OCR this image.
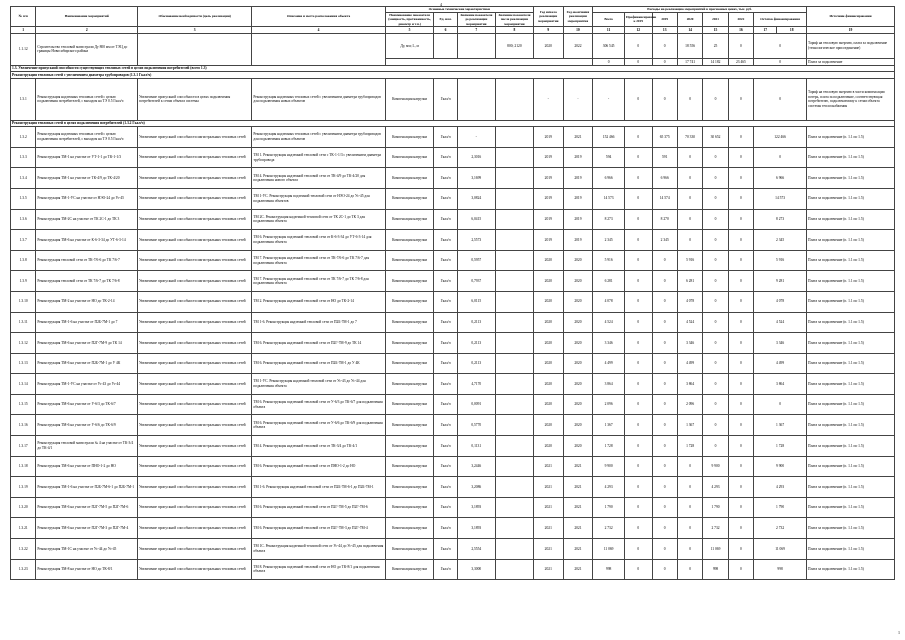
4
№ п/п	Наименование мероприятий	Обоснование необходимости (цель реализации)	Описание и место расположения объекта	Основные технические характеристики				Год начала реализации мероприятия	Год окончания реализации мероприятия	Расходы на реализацию мероприятий в прогнозных ценах, тыс. руб.								Источник финансирования
				Наименование показателя (мощность, протяженность, диаметр и т.п.)	Ед. изм.	Значение показателя до реализации мероприятия	Значение показателя после реализации мероприятия			Всего	Профинансировано к 2019	2019	2020	2021	2022	Остаток финансирования		
1	2	3	4	5	6	7	8	9	10	11	12	13	14	15	16	17	18	19
1.1.12	Строительство тепловой магистрали Ду 800 мм от ТЭЦ до границы Новосибирского района			Ду, мм; L, м			800; 2120	2020	2022	306 545	0	0	18 556	25	0	0		Тариф на тепловую энергию, плата за подключение (технологическое присоединение)
										0	0	0	17 741	14 182	23 465	0		Плата за подключение
1.3. Увеличение пропускной способности существующих тепловых сетей в целях подключения потребителей (всего 1.3)																		
Реконструкция тепловых сетей с увеличением диаметра трубопроводов (1.3.1 Гкал/ч)																		
1.3.1	Реконструкция надземных тепловых сетей с целью подключения потребителей, с выходом на ТЭ 0.5 Гкал/ч	Увеличение пропускной способности в целях подключения потребителей к сетям объекта системы	Реконструкция надземных тепловых сетей с увеличением диаметра трубопроводов для подключения новых объектов	Компенсация нагрузки	Гкал/ч			-	-	-	0	0	0	0	0	0		Тариф на тепловую энергию в части компенсации потерь, плата за подключение, соответствующая потребителю, подключаемому к сетям объекта системы теплоснабжения
Реконструкция тепловых сетей в целях подключения потребителей (1.3.2 Гкал/ч)																		
1.3.2	Реконструкция надземных тепловых сетей с целью подключения потребителей, с выходом на ТЭ 0.5 Гкал/ч	Увеличение пропускной способности магистральных тепловых сетей	Реконструкция надземных тепловых сетей с увеличением диаметра трубопроводов для подключения новых объектов	Компенсация нагрузки	Гкал/ч	-		2019	2021	152 466	0	65 375	70 330	30 652	0	122 466		Плата за подключение (п. 1.1 по 1.5)
1.3.3	Реконструкция ТМ-1 на участке от УТ-1-1 до ТК-1-1/3	Увеличение пропускной способности магистральных тепловых сетей	ТМ 1. Реконструкция надземной тепловой сети с ТК-1-1/3 с увеличением диаметра трубопровода	Компенсация нагрузки	Гкал/ч	2,3016		2019	2019	594	0	591	0	0	0	0		Плата за подключение (п. 1.1 по 1.5)
1.3.4	Реконструкция ТМ-1 на участке от ТК-4/9 до ТК-4/20	Увеличение пропускной способности магистральных тепловых сетей	ТМ 4. Реконструкция надземной тепловой сети от ТК-4/9 до ТК-4/20 для подключения нового объекта	Компенсация нагрузки	Гкал/ч	3,1699		2019	2019	6 966	0	6 966	0	0	0	6 966		Плата за подключение (п. 1.1 по 1.5)
1.3.5	Реконструкция ТМ-1-УС на участке от НЭО-24 до Ус-45	Увеличение пропускной способности магистральных тепловых сетей	ТМ 1-УС. Реконструкция подземной тепловой сети от НЭО-24 до Ус-45 для подключения объектов	Компенсация нагрузки	Гкал/ч	3,0824		2019	2019	14 573	0	14 574	0	0	0	14 573		Плата за подключение (п. 1.1 по 1.5)
1.3.6	Реконструкция ТМ-2С на участке от ТК 2С-1 до ТК 3	Увеличение пропускной способности магистральных тепловых сетей	ТМ 2С. Реконструкция надземной тепловой сети от ТК 2С-1 до ТК 3 для подключения объекта	Компенсация нагрузки	Гкал/ч	6,0415		2019	2019	8 273	0	8 270	0	0	0	8 273		Плата за подключение (п. 1.1 по 1.5)
1.3.7	Реконструкция ТМ-6 на участке от К-6-3-34 до УТ-6-3-14	Увеличение пропускной способности магистральных тепловых сетей	ТМ 6. Реконструкция подземной тепловой сети от К-6-3-34 до УТ-6-3-14 для подключения объекта	Компенсация нагрузки	Гкал/ч	2,5573		2019	2019	2 345	0	2 345	0	0	0	2 345		Плата за подключение (п. 1.1 по 1.5)
1.3.8	Реконструкция тепловой сети от ТК-7/6-6 до ТК 7/6-7	Увеличение пропускной способности магистральных тепловых сетей	ТМ 7. Реконструкция надземной тепловой сети от ТК-7/6-6 до ТК 7/6-7 для подключения объекта	Компенсация нагрузки	Гкал/ч	0,5957		2020	2020	5 916	0	0	5 916	0	0	5 916		Плата за подключение (п. 1.1 по 1.5)
1.3.9	Реконструкция тепловой сети от ТК 7/6-7 до ТК 7/6-8	Увеличение пропускной способности магистральных тепловых сетей	ТМ 7. Реконструкция надземной тепловой сети от ТК 7/6-7 до ТК 7/6-8 для подключения объекта	Компенсация нагрузки	Гкал/ч	0,7937		2020	2020	6 281	0	0	6 281	0	0	9 281		Плата за подключение (п. 1.1 по 1.5)
1.3.10	Реконструкция ТМ-2 на участке от НО до ТК-2-14	Увеличение пропускной способности магистральных тепловых сетей	ТМ 2. Реконструкция надземной тепловой сети от НО до ТК-2-14	Компенсация нагрузки	Гкал/ч	6,0115		2020	2020	4 078	0	0	4 078	0	0	4 078		Плата за подключение (п. 1.1 по 1.5)
1.3.11	Реконструкция ТМ-1-6 на участке от П2Б-7М-1 до 7	Увеличение пропускной способности магистральных тепловых сетей	ТМ 1-6. Реконструкция надземной тепловой сети от П2Б-7М-1 до 7	Компенсация нагрузки	Гкал/ч	0,2113		2020	2020	4 524	0	0	4 524	0	0	4 524		Плата за подключение (п. 1.1 по 1.5)
1.3.12	Реконструкция ТМ-6 на участке от П2Г-7М-9 до ТК 14	Увеличение пропускной способности магистральных тепловых сетей	ТМ 6. Реконструкция надземной тепловой сети от П2Г-7М-9 до ТК 14	Компенсация нагрузки	Гкал/ч	0,2113		2020	2020	3 346	0	0	3 346	0	0	3 346		Плата за подключение (п. 1.1 по 1.5)
1.3.13	Реконструкция ТМ-6 на участке от П2Б-7М-1 до У 4К	Увеличение пропускной способности магистральных тепловых сетей	ТМ 6. Реконструкция надземной тепловой сети от П2Б-7М-1 до У 4К	Компенсация нагрузки	Гкал/ч	0,2113		2020	2020	4 499	0	0	4 499	0	0	4 499		Плата за подключение (п. 1.1 по 1.5)
1.3.14	Реконструкция ТМ-1-УС на участке от Ус-43 до Ус-44	Увеличение пропускной способности магистральных тепловых сетей	ТМ 1-УС. Реконструкция надземной тепловой сети от Ус-43 до Ус-44 для подключения объекта	Компенсация нагрузки	Гкал/ч	4,7170		2020	2020	3 864	0	0	3 864	0	0	3 864		Плата за подключение (п. 1.1 по 1.5)
1.3.15	Реконструкция ТМ-6 на участке от У-6/3 до ТК-6/7	Увеличение пропускной способности магистральных тепловых сетей	ТМ 6. Реконструкция подземной тепловой сети от У-6/3 до ТК-6/7 для подключения объекта	Компенсация нагрузки	Гкал/ч	0,0091		2020	2020	2 096	0	0	2 096	0	0	0		Плата за подключение (п. 1.1 по 1.5)
1.3.16	Реконструкция ТМ-6 на участке от У-6/6 до ТК-6/9	Увеличение пропускной способности магистральных тепловых сетей	ТМ 6. Реконструкция подземной тепловой сети от У-6/6 до ТК-6/9 для подключения объекта	Компенсация нагрузки	Гкал/ч	0,5770		2020	2020	1 367	0	0	1 367	0	0	1 367		Плата за подключение (п. 1.1 по 1.5)
1.3.17	Реконструкция тепловой магистрали № 4 на участке от ТК-3/4 до ТК-4/1	Увеличение пропускной способности магистральных тепловых сетей	ТМ 4. Реконструкция надземной тепловой сети от ТК-3/4 до ТК-4/1	Компенсация нагрузки	Гкал/ч	0,1131		2020	2020	1 728	0	0	1 728	0	0	1 728		Плата за подключение (п. 1.1 по 1.5)
1.3.18	Реконструкция ТМ-6 на участке от ПНО-1-2 до НО	Увеличение пропускной способности магистральных тепловых сетей	ТМ 6. Реконструкция надземной тепловой сети от ПНО-1-2 до НО	Компенсация нагрузки	Гкал/ч	3,2446		2021	2021	9 900	0	0	0	9 900	0	9 900		Плата за подключение (п. 1.1 по 1.5)
1.3.19	Реконструкция ТМ-1-6 на участке от П2Б-7М-6-1 до П2Б-7М-1	Увеличение пропускной способности магистральных тепловых сетей	ТМ 1-6. Реконструкция надземной тепловой сети от П2Б-7М-6-1 до П2Б-7М-1	Компенсация нагрузки	Гкал/ч	3,2086		2021	2021	4 293	0	0	0	4 293	0	4 293		Плата за подключение (п. 1.1 по 1.5)
1.3.20	Реконструкция ТМ-6 на участке от П2Г-7М-5 до П2Г-7М-6	Увеличение пропускной способности магистральных тепловых сетей	ТМ 6. Реконструкция надземной тепловой сети от П2Г-7М-5 до П2Г-7М-6	Компенсация нагрузки	Гкал/ч	3,1893		2021	2021	1 790	0	0	0	1 790	0	1 790		Плата за подключение (п. 1.1 по 1.5)
1.3.21	Реконструкция ТМ-6 на участке от П2Г-7М-3 до П2Г-7М-4	Увеличение пропускной способности магистральных тепловых сетей	ТМ 6. Реконструкция надземной тепловой сети от П2Г-7М-3 до П2Г-7М-4	Компенсация нагрузки	Гкал/ч	3,1893		2021	2021	2 732	0	0	0	2 732	0	2 732		Плата за подключение (п. 1.1 по 1.5)
1.3.22	Реконструкция ТМ-1С на участке от Ус-44 до Ус-45	Увеличение пропускной способности магистральных тепловых сетей	ТМ 1С. Реконструкция надземной тепловой сети от Ус-44 до Ус-45 для подключения объекта	Компенсация нагрузки	Гкал/ч	2,5554		2021	2021	11 069	0	0	0	11 069	0	11 069		Плата за подключение (п. 1.1 по 1.5)
1.3.23	Реконструкция ТМ-8 на участке от НО до ТК-8/1	Увеличение пропускной способности магистральных тепловых сетей	ТМ 8. Реконструкция подземной тепловой сети от НО до ТК-8/1 для подключения объекта	Компенсация нагрузки	Гкал/ч	3,3000		2021	2021	998	0	0	0	998	0	998		Плата за подключение (п. 1.1 по 1.5)
1
